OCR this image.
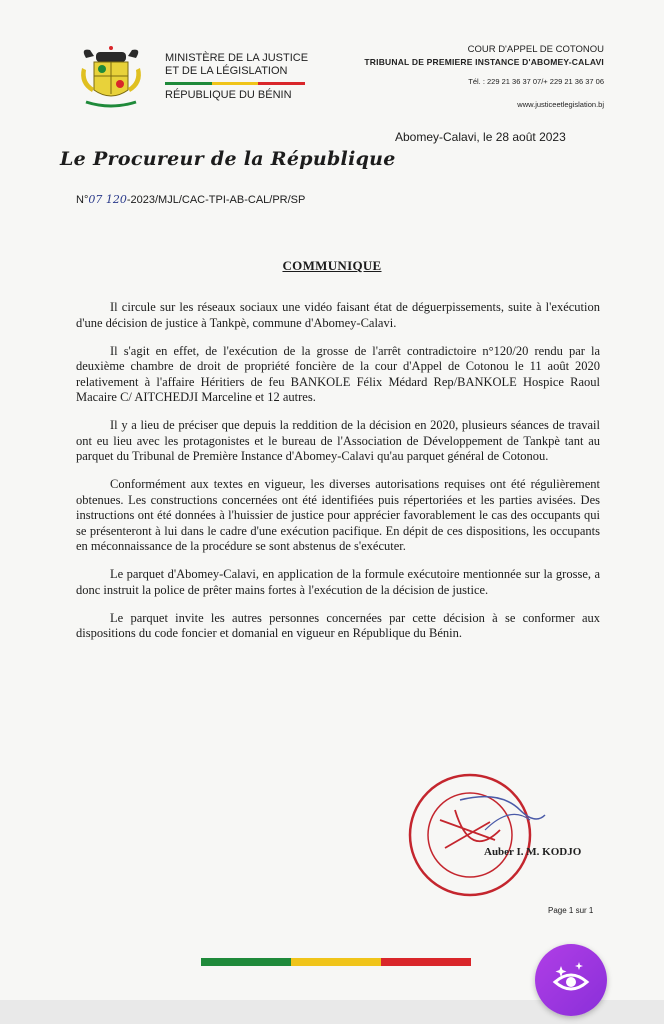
MINISTÈRE DE LA JUSTICE
ET DE LA LÉGISLATION
RÉPUBLIQUE DU BÉNIN
COUR D'APPEL DE COTONOU
TRIBUNAL DE PREMIERE INSTANCE D'ABOMEY-CALAVI
Tél. : 229 21 36 37 07/+ 229 21 36 37 06
www.justiceetlegislation.bj
Abomey-Calavi, le 28 août 2023
Le Procureur de la République
N°07 120-2023/MJL/CAC-TPI-AB-CAL/PR/SP
COMMUNIQUE

Il circule sur les réseaux sociaux une vidéo faisant état de déguerpissements, suite à l'exécution d'une décision de justice à Tankpè, commune d'Abomey-Calavi.

Il s'agit en effet, de l'exécution de la grosse de l'arrêt contradictoire n°120/20 rendu par la deuxième chambre de droit de propriété foncière de la cour d'Appel de Cotonou le 11 août 2020 relativement à l'affaire Héritiers de feu BANKOLE Félix Médard Rep/BANKOLE Hospice Raoul Macaire C/ AITCHEDJI Marceline et 12 autres.

Il y a lieu de préciser que depuis la reddition de la décision en 2020, plusieurs séances de travail ont eu lieu avec les protagonistes et le bureau de l'Association de Développement de Tankpè tant au parquet du Tribunal de Première Instance d'Abomey-Calavi qu'au parquet général de Cotonou.

Conformément aux textes en vigueur, les diverses autorisations requises ont été régulièrement obtenues. Les constructions concernées ont été identifiées puis répertoriées et les parties avisées. Des instructions ont été données à l'huissier de justice pour apprécier favorablement le cas des occupants qui se présenteront à lui dans le cadre d'une exécution pacifique. En dépit de ces dispositions, les occupants en méconnaissance de la procédure se sont abstenus de s'exécuter.

Le parquet d'Abomey-Calavi, en application de la formule exécutoire mentionnée sur la grosse, a donc instruit la police de prêter mains fortes à l'exécution de la décision de justice.

Le parquet invite les autres personnes concernées par cette décision à se conformer aux dispositions du code foncier et domanial en vigueur en République du Bénin.

Auber I. M. KODJO
Page 1 sur 1
